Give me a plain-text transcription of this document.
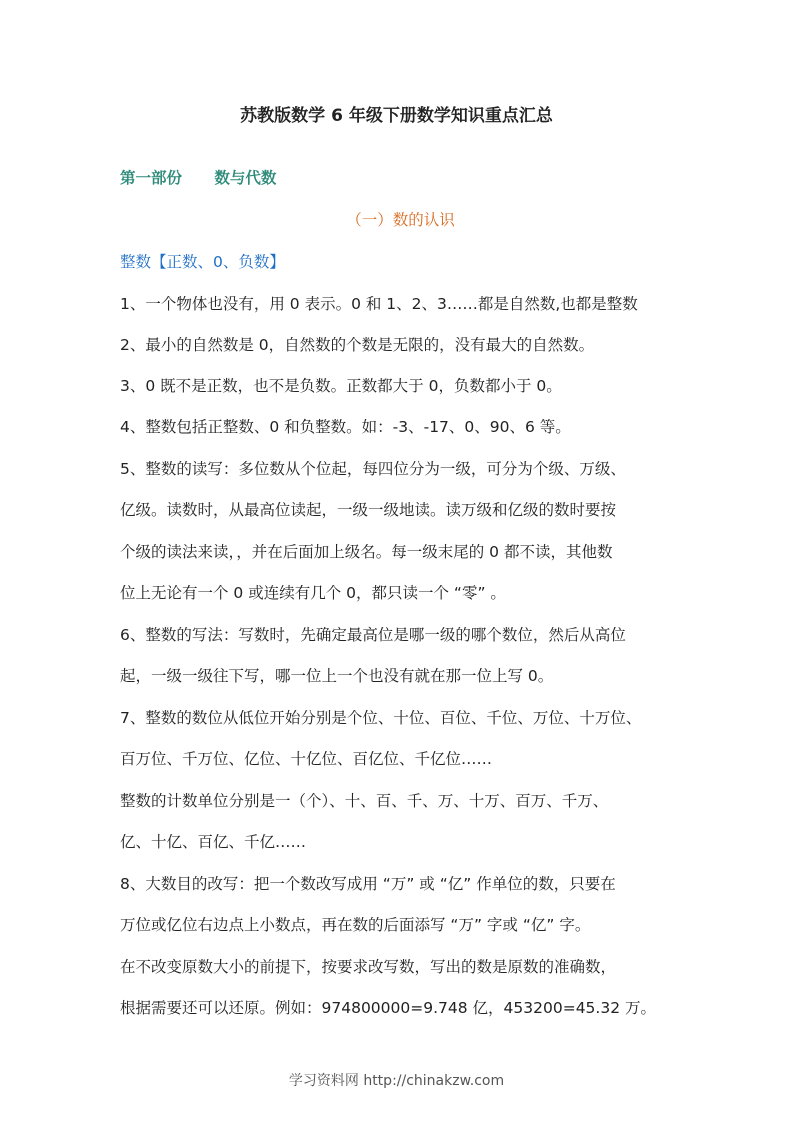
苏教版数学 6 年级下册数学知识重点汇总
第一部份      数与代数
（一）数的认识
整数【正数、0、负数】
1、一个物体也没有，用 0 表示。0 和 1、2、3……都是自然数,也都是整数
2、最小的自然数是 0，自然数的个数是无限的，没有最大的自然数。
3、0 既不是正数，也不是负数。正数都大于 0，负数都小于 0。
4、整数包括正整数、0 和负整数。如：-3、-17、0、90、6 等。
5、整数的读写：多位数从个位起，每四位分为一级，可分为个级、万级、
亿级。读数时，从最高位读起，一级一级地读。读万级和亿级的数时要按
个级的读法来读，，并在后面加上级名。每一级末尾的 0 都不读，其他数
位上无论有一个 0 或连续有几个 0，都只读一个 “零” 。
6、整数的写法：写数时，先确定最高位是哪一级的哪个数位，然后从高位
起，一级一级往下写，哪一位上一个也没有就在那一位上写 0。
7、整数的数位从低位开始分别是个位、十位、百位、千位、万位、十万位、
百万位、千万位、亿位、十亿位、百亿位、千亿位……
整数的计数单位分别是一（个）、十、百、千、万、十万、百万、千万、
亿、十亿、百亿、千亿……
8、大数目的改写：把一个数改写成用 “万” 或 “亿” 作单位的数，只要在
万位或亿位右边点上小数点，再在数的后面添写 “万” 字或 “亿” 字。
在不改变原数大小的前提下，按要求改写数，写出的数是原数的准确数，
根据需要还可以还原。例如：974800000=9.748 亿，453200=45.32 万。
学习资料网 http://chinakzw.com
